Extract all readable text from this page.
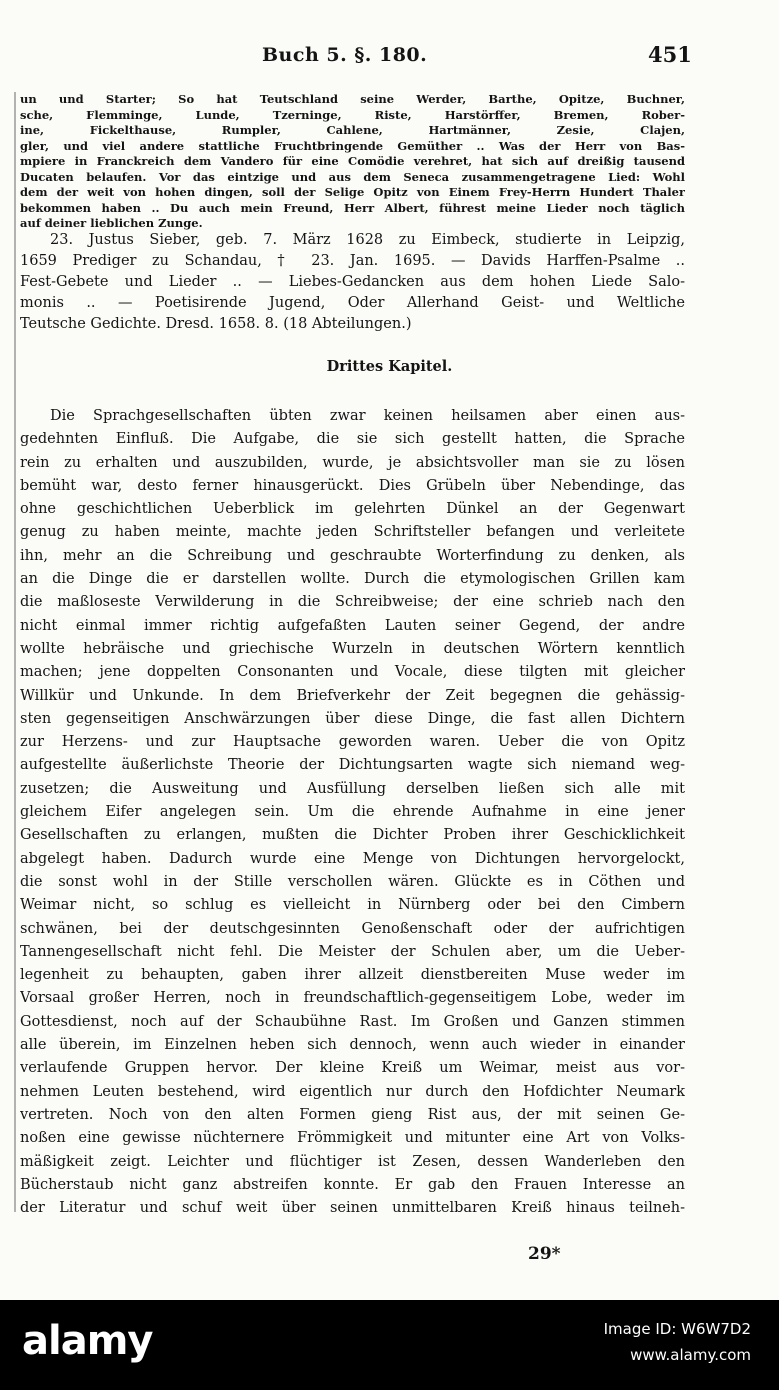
Buch 5. §. 180.	451
un und Starter; So hat Teutschland seine Werder, Barthe, Opitze, Buchner,
sche, Flemminge, Lunde, Tzerninge, Riste, Harstörffer, Bremen, Rober-
ine, Fickelthause, Rumpler, Cahlene, Hartmänner, Zesie, Clajen,
gler, und viel andere stattliche Fruchtbringende Gemüther .. Was der Herr von Bas-
mpiere in Franckreich dem Vandero für eine Comödie verehret, hat sich auf dreißig tausend
Ducaten belaufen. Vor das eintzige und aus dem Seneca zusammengetragene Lied: Wohl
dem der weit von hohen dingen, soll der Selige Opitz von Einem Frey-Herrn Hundert Thaler
bekommen haben .. Du auch mein Freund, Herr Albert, führest meine Lieder noch täglich
auf deiner lieblichen Zunge.
23. Justus Sieber, geb. 7. März 1628 zu Eimbeck, studierte in Leipzig,
1659 Prediger zu Schandau, † 23. Jan. 1695. — Davids Harffen-Psalme ..
Fest-Gebete und Lieder .. — Liebes-Gedancken aus dem hohen Liede Salo-
monis .. — Poetisirende Jugend, Oder Allerhand Geist- und Weltliche
Teutsche Gedichte. Dresd. 1658. 8. (18 Abteilungen.)
Drittes Kapitel.
Die Sprachgesellschaften übten zwar keinen heilsamen aber einen aus-
gedehnten Einfluß. Die Aufgabe, die sie sich gestellt hatten, die Sprache
rein zu erhalten und auszubilden, wurde, je absichtsvoller man sie zu lösen
bemüht war, desto ferner hinausgerückt. Dies Grübeln über Nebendinge, das
ohne geschichtlichen Ueberblick im gelehrten Dünkel an der Gegenwart
genug zu haben meinte, machte jeden Schriftsteller befangen und verleitete
ihn, mehr an die Schreibung und geschraubte Worterfindung zu denken, als
an die Dinge die er darstellen wollte. Durch die etymologischen Grillen kam
die maßloseste Verwilderung in die Schreibweise; der eine schrieb nach den
nicht einmal immer richtig aufgefaßten Lauten seiner Gegend, der andre
wollte hebräische und griechische Wurzeln in deutschen Wörtern kenntlich
machen; jene doppelten Consonanten und Vocale, diese tilgten mit gleicher
Willkür und Unkunde. In dem Briefverkehr der Zeit begegnen die gehässig-
sten gegenseitigen Anschwärzungen über diese Dinge, die fast allen Dichtern
zur Herzens- und zur Hauptsache geworden waren. Ueber die von Opitz
aufgestellte äußerlichste Theorie der Dichtungsarten wagte sich niemand weg-
zusetzen; die Ausweitung und Ausfüllung derselben ließen sich alle mit
gleichem Eifer angelegen sein. Um die ehrende Aufnahme in eine jener
Gesellschaften zu erlangen, mußten die Dichter Proben ihrer Geschicklichkeit
abgelegt haben. Dadurch wurde eine Menge von Dichtungen hervorgelockt,
die sonst wohl in der Stille verschollen wären. Glückte es in Cöthen und
Weimar nicht, so schlug es vielleicht in Nürnberg oder bei den Cimbern
schwänen, bei der deutschgesinnten Genoßenschaft oder der aufrichtigen
Tannengesellschaft nicht fehl. Die Meister der Schulen aber, um die Ueber-
legenheit zu behaupten, gaben ihrer allzeit dienstbereiten Muse weder im
Vorsaal großer Herren, noch in freundschaftlich-gegenseitigem Lobe, weder im
Gottesdienst, noch auf der Schaubühne Rast. Im Großen und Ganzen stimmen
alle überein, im Einzelnen heben sich dennoch, wenn auch wieder in einander
verlaufende Gruppen hervor. Der kleine Kreiß um Weimar, meist aus vor-
nehmen Leuten bestehend, wird eigentlich nur durch den Hofdichter Neumark
vertreten. Noch von den alten Formen gieng Rist aus, der mit seinen Ge-
noßen eine gewisse nüchternere Frömmigkeit und mitunter eine Art von Volks-
mäßigkeit zeigt. Leichter und flüchtiger ist Zesen, dessen Wanderleben den
Bücherstaub nicht ganz abstreifen konnte. Er gab den Frauen Interesse an
der Literatur und schuf weit über seinen unmittelbaren Kreiß hinaus teilneh-
29*
alamy	Image ID: W6W7D2
www.alamy.com
